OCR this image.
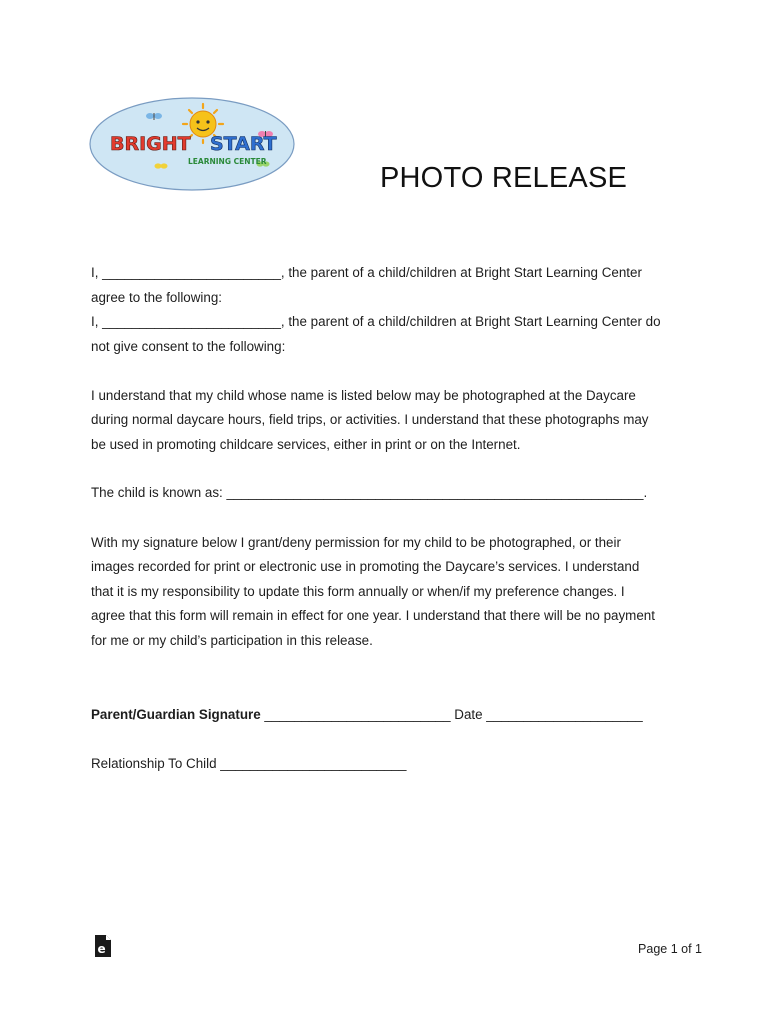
BRIGHT START
LEARNING CENTER
PHOTO RELEASE
I, ________________________, the parent of a child/children at Bright Start Learning Center
agree to the following:
I, ________________________, the parent of a child/children at Bright Start Learning Center do
not give consent to the following:
I understand that my child whose name is listed below may be photographed at the Daycare
during normal daycare hours, field trips, or activities. I understand that these photographs may
be used in promoting childcare services, either in print or on the Internet.
The child is known as: ________________________________________________________.
With my signature below I grant/deny permission for my child to be photographed, or their
images recorded for print or electronic use in promoting the Daycare’s services. I understand
that it is my responsibility to update this form annually or when/if my preference changes. I
agree that this form will remain in effect for one year. I understand that there will be no payment
for me or my child’s participation in this release.
Parent/Guardian Signature _________________________ Date _____________________
Relationship To Child _________________________
e	Page 1 of 1
